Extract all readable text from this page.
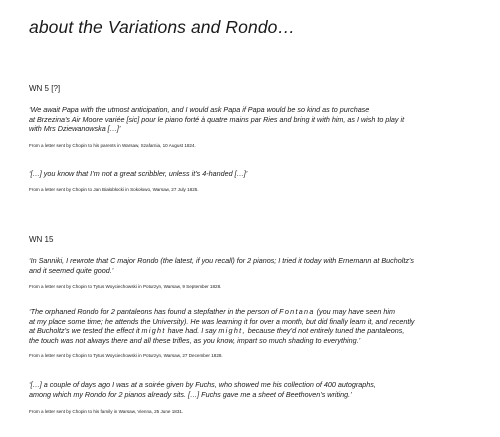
about the Variations and Rondo…
WN 5 [?]
‘We await Papa with the utmost anticipation, and I would ask Papa if Papa would be so kind as to purchase
at Brzezina’s Air Moore variée [sic] pour le piano forté à quatre mains par Ries and bring it with him, as I wish to play it
with Mrs Dziewanowska […]’
From a letter sent by Chopin to his parents in Warsaw, Szafarnia, 10 August 1824.
‘[…] you know that I’m not a great scribbler, unless it’s 4-handed […]’
From a letter sent by Chopin to Jan Białobłocki in Sokołowo, Warsaw, 27 July 1825.
WN 15
‘In Sanniki, I rewrote that C major Rondo (the latest, if you recall) for 2 pianos; I tried it today with Ernemann at Bucholtz’s
and it seemed quite good.’
From a letter sent by Chopin to Tytus Woyciechowski in Poturzyn, Warsaw, 9 September 1828.
‘The orphaned Rondo for 2 pantaleons has found a stepfather in the person of Fontana (you may have seen him
at my place some time; he attends the University). He was learning it for over a month, but did finally learn it, and recently
at Bucholtz’s we tested the effect it might have had. I say might, because they’d not entirely tuned the pantaleons,
the touch was not always there and all these trifles, as you know, impart so much shading to everything.’
From a letter sent by Chopin to Tytus Woyciechowski in Poturzyn, Warsaw, 27 December 1828.
‘[…] a couple of days ago I was at a soirée given by Fuchs, who showed me his collection of 400 autographs,
among which my Rondo for 2 pianos already sits. […] Fuchs gave me a sheet of Beethoven’s writing.’
From a letter sent by Chopin to his family in Warsaw, Vienna, 25 June 1831.
